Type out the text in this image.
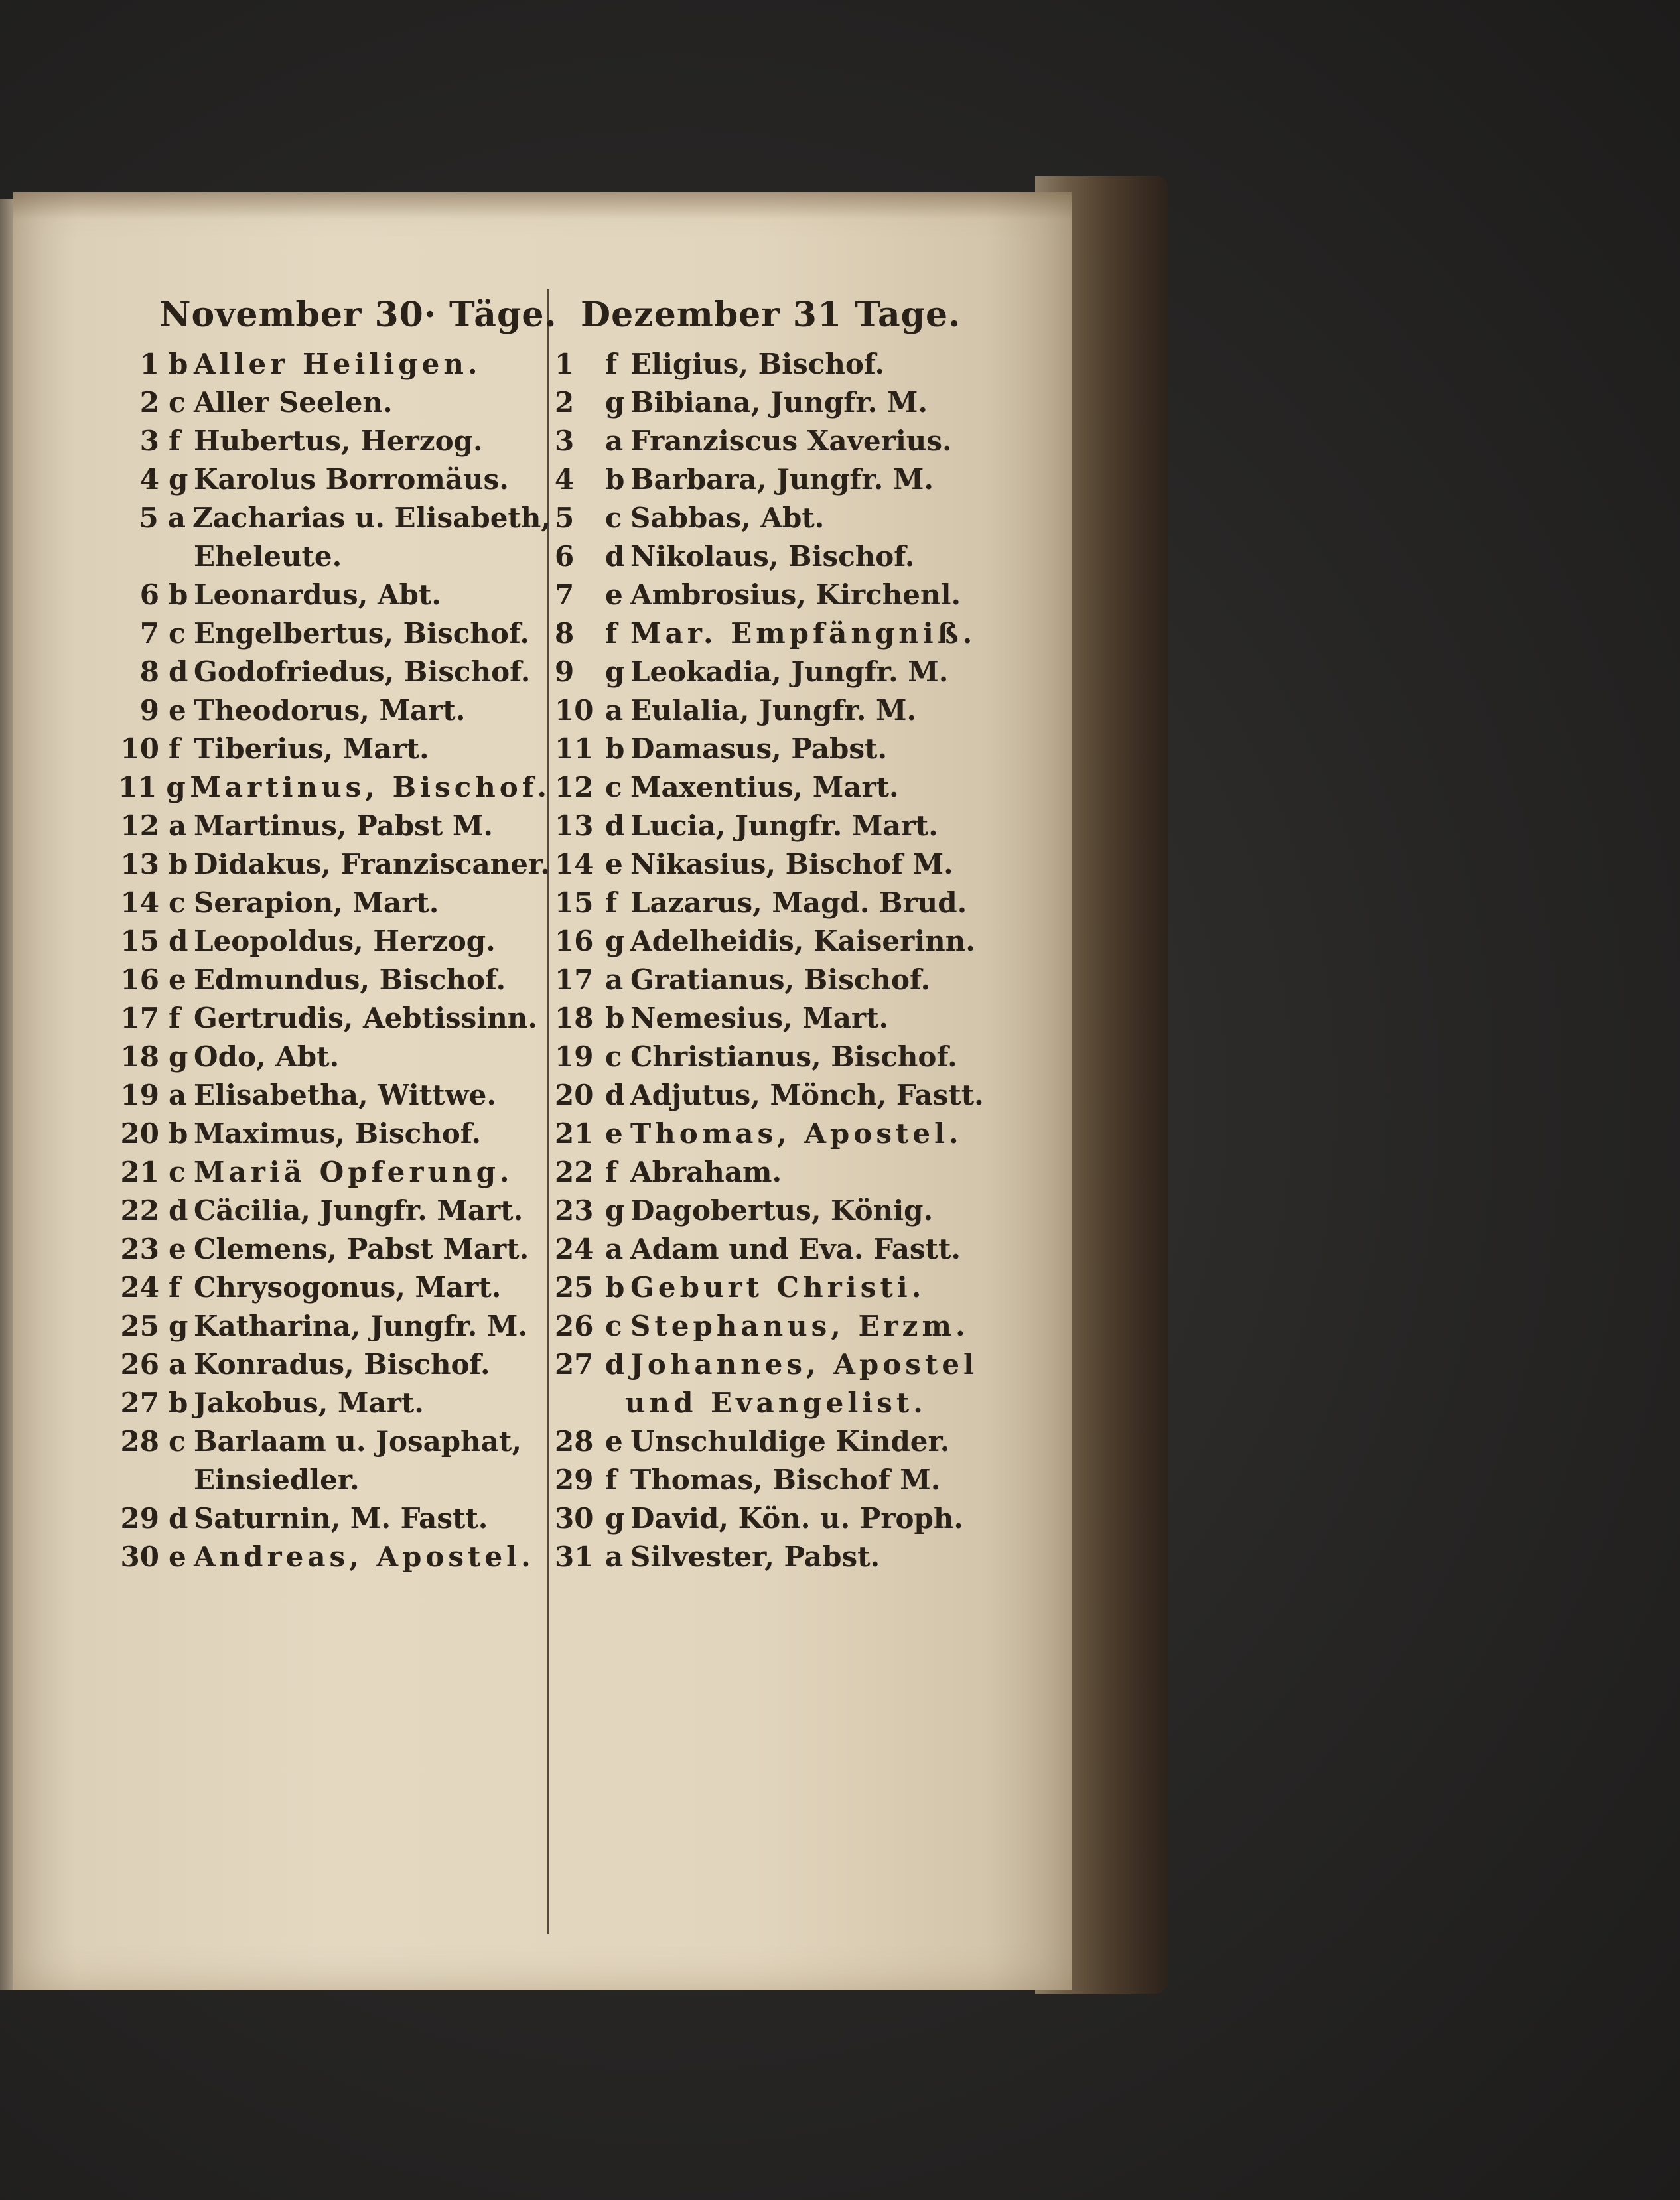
November 30· Täge.
1 b Aller Heiligen.
2 c Aller Seelen.
3 f Hubertus, Herzog.
4 g Karolus Borromäus.
5 a Zacharias u. Elisabeth,
Eheleute.
6 b Leonardus, Abt.
7 c Engelbertus, Bischof.
8 d Godofriedus, Bischof.
9 e Theodorus, Mart.
10 f Tiberius, Mart.
11 g Martinus, Bischof.
12 a Martinus, Pabst M.
13 b Didakus, Franziscaner.
14 c Serapion, Mart.
15 d Leopoldus, Herzog.
16 e Edmundus, Bischof.
17 f Gertrudis, Aebtissinn.
18 g Odo, Abt.
19 a Elisabetha, Wittwe.
20 b Maximus, Bischof.
21 c Mariä Opferung.
22 d Cäcilia, Jungfr. Mart.
23 e Clemens, Pabst Mart.
24 f Chrysogonus, Mart.
25 g Katharina, Jungfr. M.
26 a Konradus, Bischof.
27 b Jakobus, Mart.
28 c Barlaam u. Josaphat,
Einsiedler.
29 d Saturnin, M. Fastt.
30 e Andreas, Apostel.
Dezember 31 Tage.
1	f Eligius, Bischof.
2	g Bibiana, Jungfr. M.
3	a Franziscus Xaverius.
4	b Barbara, Jungfr. M.
5	c Sabbas, Abt.
6	d Nikolaus, Bischof.
7	e Ambrosius, Kirchenl.
8	f Mar. Empfängniß.
9	g Leokadia, Jungfr. M.
10 a Eulalia, Jungfr. M.
11 b Damasus, Pabst.
12 c Maxentius, Mart.
13 d Lucia, Jungfr. Mart.
14 e Nikasius, Bischof M.
15 f Lazarus, Magd. Brud.
16 g Adelheidis, Kaiserinn.
17 a Gratianus, Bischof.
18 b Nemesius, Mart.
19 c Christianus, Bischof.
20 d Adjutus, Mönch, Fastt.
21 e Thomas, Apostel.
22 f Abraham.
23 g Dagobertus, König.
24 a Adam und Eva. Fastt.
25 b Geburt Christi.
26 c Stephanus, Erzm.
27 d Johannes, Apostel
und Evangelist.
28 e Unschuldige Kinder.
29 f Thomas, Bischof M.
30 g David, Kön. u. Proph.
31 a Silvester, Pabst.
